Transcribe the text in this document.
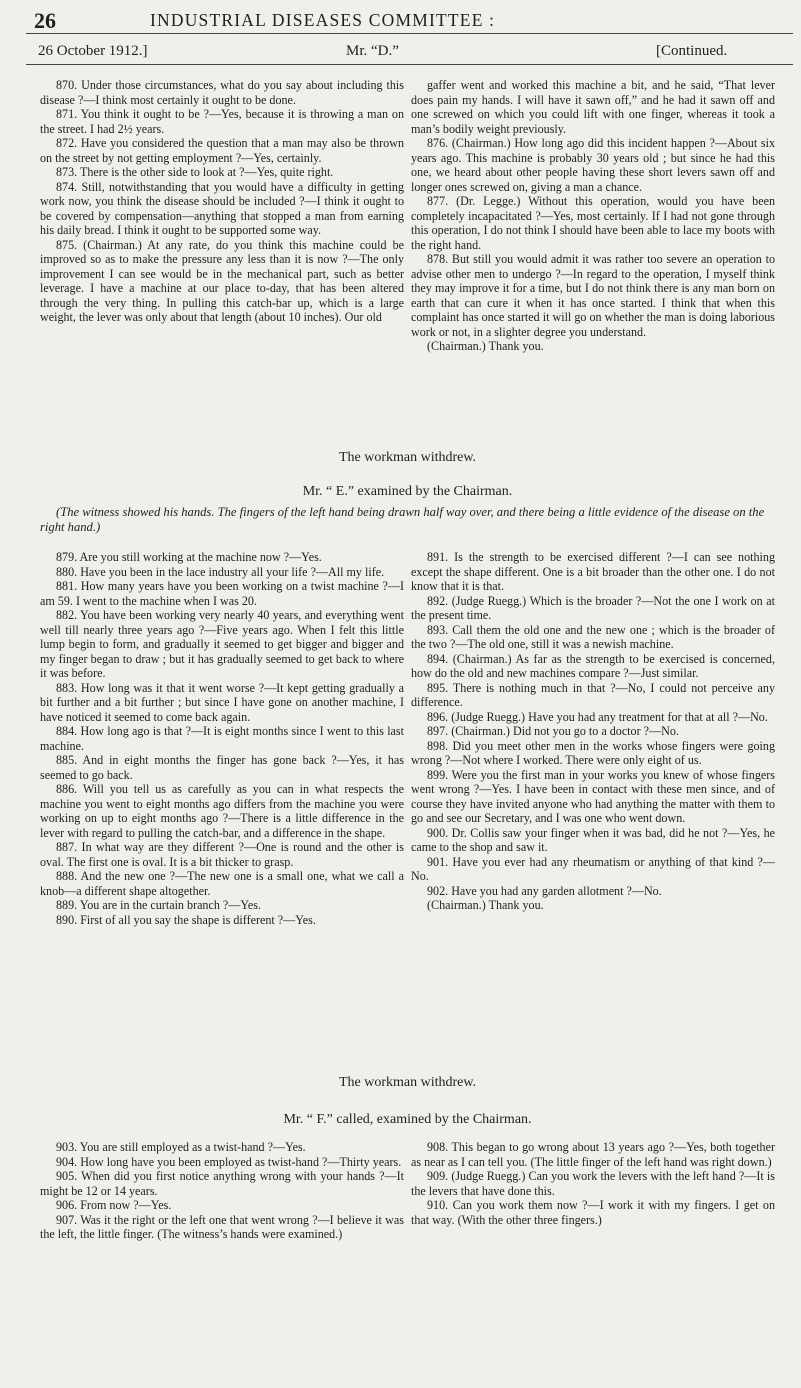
26	INDUSTRIAL DISEASES COMMITTEE :
26 October 1912.]	Mr. “D.”	[Continued.

870. Under those circumstances, what do you say about including this disease ?—I think most certainly it ought to be done.

871. You think it ought to be ?—Yes, because it is throwing a man on the street. I had 2½ years.

872. Have you considered the question that a man may also be thrown on the street by not getting employment ?—Yes, certainly.

873. There is the other side to look at ?—Yes, quite right.

874. Still, notwithstanding that you would have a difficulty in getting work now, you think the disease should be included ?—I think it ought to be covered by compensation—anything that stopped a man from earning his daily bread. I think it ought to be supported some way.

875. (Chairman.) At any rate, do you think this machine could be improved so as to make the pressure any less than it is now ?—The only improvement I can see would be in the mechanical part, such as better leverage. I have a machine at our place to-day, that has been altered through the very thing. In pulling this catch-bar up, which is a large weight, the lever was only about that length (about 10 inches). Our old

gaffer went and worked this machine a bit, and he said, “That lever does pain my hands. I will have it sawn off,” and he had it sawn off and one screwed on which you could lift with one finger, whereas it took a man’s bodily weight previously.

876. (Chairman.) How long ago did this incident happen ?—About six years ago. This machine is probably 30 years old ; but since he had this one, we heard about other people having these short levers sawn off and longer ones screwed on, giving a man a chance.

877. (Dr. Legge.) Without this operation, would you have been completely incapacitated ?—Yes, most certainly. If I had not gone through this operation, I do not think I should have been able to lace my boots with the right hand.

878. But still you would admit it was rather too severe an operation to advise other men to undergo ?—In regard to the operation, I myself think they may improve it for a time, but I do not think there is any man born on earth that can cure it when it has once started. I think that when this complaint has once started it will go on whether the man is doing laborious work or not, in a slighter degree you understand.

(Chairman.) Thank you.

The workman withdrew.
Mr. “ E.” examined by the Chairman.
(The witness showed his hands. The fingers of the left hand being drawn half way over, and there being a little evidence of the disease on the right hand.)

879. Are you still working at the machine now ?—Yes.

880. Have you been in the lace industry all your life ?—All my life.

881. How many years have you been working on a twist machine ?—I am 59. I went to the machine when I was 20.

882. You have been working very nearly 40 years, and everything went well till nearly three years ago ?—Five years ago. When I felt this little lump begin to form, and gradually it seemed to get bigger and bigger and my finger began to draw ; but it has gradually seemed to get back to where it was before.

883. How long was it that it went worse ?—It kept getting gradually a bit further and a bit further ; but since I have gone on another machine, I have noticed it seemed to come back again.

884. How long ago is that ?—It is eight months since I went to this last machine.

885. And in eight months the finger has gone back ?—Yes, it has seemed to go back.

886. Will you tell us as carefully as you can in what respects the machine you went to eight months ago differs from the machine you were working on up to eight months ago ?—There is a little difference in the lever with regard to pulling the catch-bar, and a difference in the shape.

887. In what way are they different ?—One is round and the other is oval. The first one is oval. It is a bit thicker to grasp.

888. And the new one ?—The new one is a small one, what we call a knob—a different shape altogether.

889. You are in the curtain branch ?—Yes.

890. First of all you say the shape is different ?—Yes.

891. Is the strength to be exercised different ?—I can see nothing except the shape different. One is a bit broader than the other one. I do not know that it is that.

892. (Judge Ruegg.) Which is the broader ?—Not the one I work on at the present time.

893. Call them the old one and the new one ; which is the broader of the two ?—The old one, still it was a newish machine.

894. (Chairman.) As far as the strength to be exercised is concerned, how do the old and new machines compare ?—Just similar.

895. There is nothing much in that ?—No, I could not perceive any difference.

896. (Judge Ruegg.) Have you had any treatment for that at all ?—No.

897. (Chairman.) Did not you go to a doctor ?—No.

898. Did you meet other men in the works whose fingers were going wrong ?—Not where I worked. There were only eight of us.

899. Were you the first man in your works you knew of whose fingers went wrong ?—Yes. I have been in contact with these men since, and of course they have invited anyone who had anything the matter with them to go and see our Secretary, and I was one who went down.

900. Dr. Collis saw your finger when it was bad, did he not ?—Yes, he came to the shop and saw it.

901. Have you ever had any rheumatism or anything of that kind ?—No.

902. Have you had any garden allotment ?—No.

(Chairman.) Thank you.

The workman withdrew.
Mr. “ F.” called, examined by the Chairman.

903. You are still employed as a twist-hand ?—Yes.

904. How long have you been employed as twist-hand ?—Thirty years.

905. When did you first notice anything wrong with your hands ?—It might be 12 or 14 years.

906. From now ?—Yes.

907. Was it the right or the left one that went wrong ?—I believe it was the left, the little finger. (The witness’s hands were examined.)

908. This began to go wrong about 13 years ago ?—Yes, both together as near as I can tell you. (The little finger of the left hand was right down.)

909. (Judge Ruegg.) Can you work the levers with the left hand ?—It is the levers that have done this.

910. Can you work them now ?—I work it with my fingers. I get on that way. (With the other three fingers.)
